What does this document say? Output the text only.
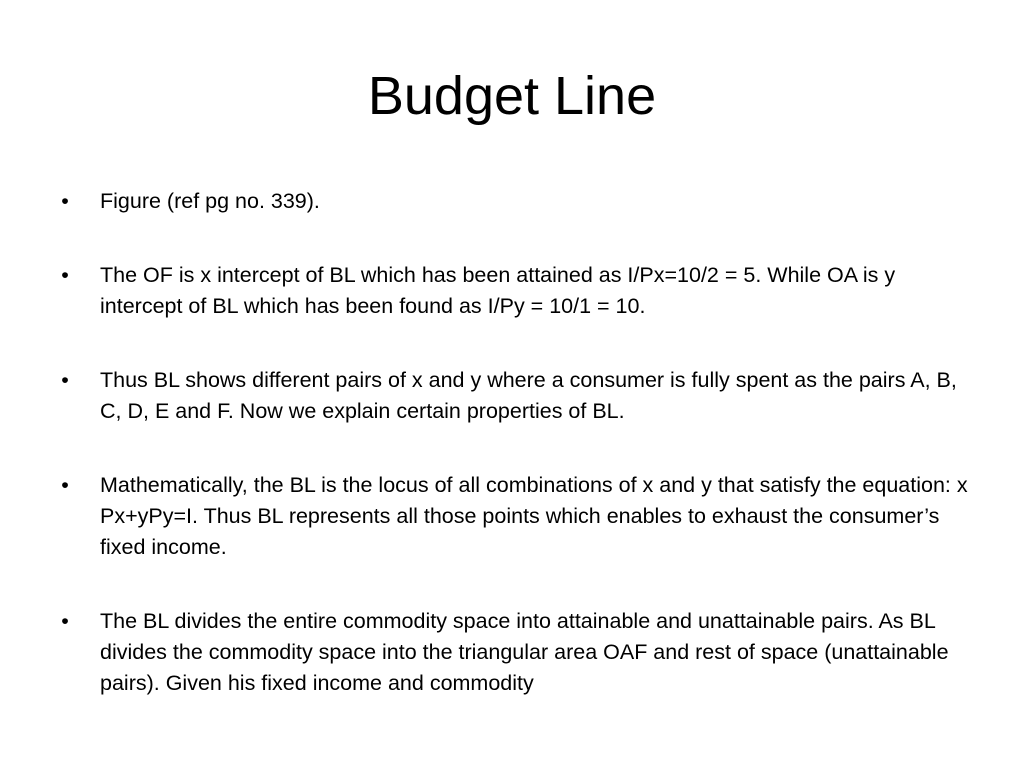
Budget Line
• Figure (ref pg no. 339).
• The OF is x intercept of BL which has been attained as I/Px=10/2 = 5. While OA is y intercept of BL which has been found as I/Py = 10/1 = 10.
• Thus BL shows different pairs of x and y where a consumer is fully spent as the pairs A, B, C, D, E and F. Now we explain certain properties of BL.
• Mathematically, the BL is the locus of all combinations of x and y that satisfy the equation: x Px+yPy=I. Thus BL represents all those points which enables to exhaust the consumer’s fixed income.
• The BL divides the entire commodity space into attainable and unattainable pairs. As BL divides the commodity space into the triangular area OAF and rest of space (unattainable pairs). Given his fixed income and commodity
